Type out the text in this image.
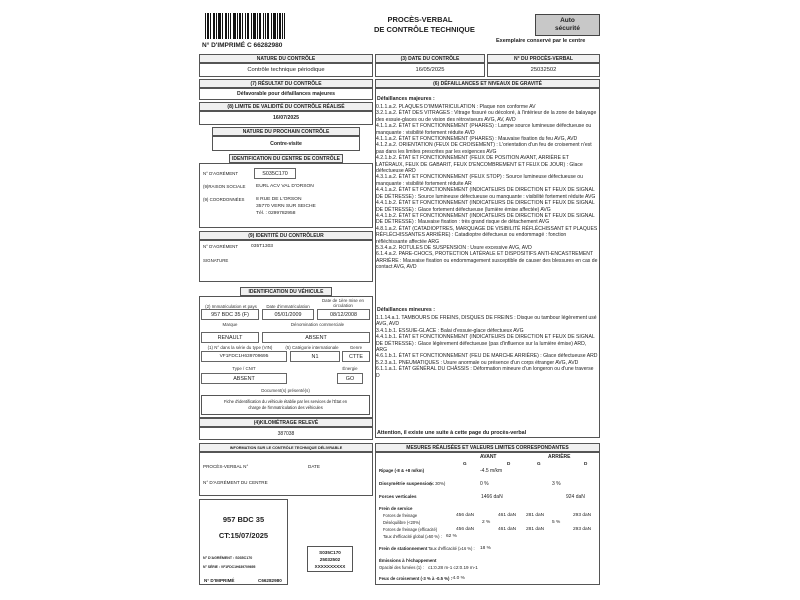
N° D'IMPRIMÉ C 66282980
PROCÈS-VERBAL
DE CONTRÔLE TECHNIQUE
Auto
sécurité
Exemplaire conservé par le centre
NATURE DU CONTRÔLE
Contrôle technique périodique
(3) DATE DU CONTRÔLE
16/05/2025
N° DU PROCÈS-VERBAL
25032502
(7) RÉSULTAT DU CONTRÔLE
Défavorable pour défaillances majeures
(8) LIMITE DE VALIDITÉ DU CONTRÔLE RÉALISÉ
16/07/2025
NATURE DU PROCHAIN CONTRÔLE
Contre-visite
IDENTIFICATION DU CENTRE DE CONTRÔLE
N° D'AGRÉMENT	S035C170
(9)RAISON SOCIALE EURL ACV VAL D'ORSON
(9) COORDONNÉES 8 RUE DE L'ORSON
35770 VERN SUR SEICHE
Tél. : 0299782958
(9) IDENTITÉ DU CONTRÔLEUR
N° D'AGRÉMENT	035T1303
SIGNATURE
IDENTIFICATION DU VÉHICULE
(2) Immatriculation et pays	Date d'immatriculation
Date de 1ère mise en circulation
957 BDC 35 (F)	05/01/2009	08/12/2008
Marque	Dénomination commerciale
RENAULT	ABSENT
(1) N° dans la série du type (VIN)	(5) Catégorie internationale	Genre
VF1FDC1H639709695	N1	CTTE
Type / CNIT	Énergie
ABSENT	GO
Document(s) présenté(s)
Fiche d'identification du véhicule établie par les services de l'État en
charge de l'immatriculation des véhicules
(4)KILOMÉTRAGE RELEVÉ
387038
INFORMATION SUR LE CONTRÔLE TECHNIQUE DÉLIVRABLE
PROCÈS-VERBAL N°	DATE
N° D'AGRÉMENT DU CENTRE
957 BDC 35
CT:15/07/2025
N° D'AGRÉMENT : S035C170
N° SÉRIE : VF1FDC1H639709695
N° D'IMPRIMÉ	C66282980
S035C170
25032502
XXXXXXXXXX
(6) DÉFAILLANCES ET NIVEAUX DE GRAVITÉ
Défaillances majeures :
0.1.1.a.2. PLAQUES D'IMMATRICULATION : Plaque non conforme AV
3.2.1.a.2. ÉTAT DES VITRAGES : Vitrage fissuré ou décoloré, à l'intérieur de la zone de balayage des essuie-glaces ou de vision des rétroviseurs AVG, AV, AVD
4.1.1.a.2. ÉTAT ET FONCTIONNEMENT (PHARES) : Lampe source lumineuse défectueuse ou manquante : visibilité fortement réduite AVD
4.1.1.a.2. ÉTAT ET FONCTIONNEMENT (PHARES) : Mauvaise fixation du feu AVG, AVD
4.1.2.a.2. ORIENTATION (FEUX DE CROISEMENT) : L'orientation d'un feu de croisement n'est pas dans les limites prescrites par les exigences AVG
4.2.1.b.2. ÉTAT ET FONCTIONNEMENT (FEUX DE POSITION AVANT, ARRIÈRE ET LATÉRAUX, FEUX DE GABARIT, FEUX D'ENCOMBREMENT ET FEUX DE JOUR) : Glace défectueuse ARD
4.3.1.a.2. ÉTAT ET FONCTIONNEMENT (FEUX STOP) : Source lumineuse défectueuse ou manquante : visibilité fortement réduite AR
4.4.1.a.2. ÉTAT ET FONCTIONNEMENT (INDICATEURS DE DIRECTION ET FEUX DE SIGNAL DE DÉTRESSE) : Source lumineuse défectueuse ou manquante : visibilité fortement réduite AVG
4.4.1.b.2. ÉTAT ET FONCTIONNEMENT (INDICATEURS DE DIRECTION ET FEUX DE SIGNAL DE DÉTRESSE) : Glace fortement défectueuse (lumière émise affectée) AVG
4.4.1.b.2. ÉTAT ET FONCTIONNEMENT (INDICATEURS DE DIRECTION ET FEUX DE SIGNAL DE DÉTRESSE) : Mauvaise fixation : très grand risque de détachement AVG
4.8.1.a.2. ÉTAT (CATADIOPTRES, MARQUAGE DE VISIBILITÉ RÉFLÉCHISSANT ET PLAQUES RÉFLÉCHISSANTES ARRIÈRE) : Catadioptre défectueux ou endommagé : fonction réfléchissante affectée ARG
5.3.4.a.2. ROTULES DE SUSPENSION : Usure excessive AVG, AVD
6.1.4.a.2. PARE-CHOCS, PROTECTION LATÉRALE ET DISPOSITIFS ANTI-ENCASTREMENT ARRIÈRE : Mauvaise fixation ou endommagement susceptible de causer des blessures en cas de contact AVG, AVD
Défaillances mineures :
1.1.14.a.1. TAMBOURS DE FREINS, DISQUES DE FREINS : Disque ou tambour légèrement usé AVG, AVD
3.4.1.b.1. ESSUIE-GLACE : Balai d'essuie-glace défectueux AVG
4.4.1.b.1. ÉTAT ET FONCTIONNEMENT (INDICATEURS DE DIRECTION ET FEUX DE SIGNAL DE DÉTRESSE) : Glace légèrement défectueuse (pas d'influence sur la lumière émise) ARD, ARG
4.6.1.b.1. ÉTAT ET FONCTIONNEMENT (FEU DE MARCHE ARRIÈRE) : Glace défectueuse ARD
5.2.3.a.1. PNEUMATIQUES : Usure anormale ou présence d'un corps étranger AVG, AVD
6.1.1.a.1. ÉTAT GÉNÉRAL DU CHÂSSIS : Déformation mineure d'un longeron ou d'une traverse D
Attention, il existe une suite à cette page du procès-verbal
MESURES RÉALISÉES ET VALEURS LIMITES CORRESPONDANTES
AVANT	ARRIÈRE
G	D	G	D
Ripage (-8 & +8 m/km)	-4.5 m/km
Dissymétrie suspension
(≤ 30%)	0 %	3 %
Forces verticales	1466 daN	924 daN
Frein de service
Forces de freinage	456 daN	461 daN 281 daN	293 daN
Déséquilibre (<20%)	2 %	5 %
Forces de freinage (efficacité)	456 daN	461 daN 281 daN	293 daN
Taux d'efficacité global (≥50 %) : 62 %
Frein de stationnement Taux d'efficacité (≥16 %) : 18 %
Émissions à l'échappement
Opacité des fumées (1) : c1:0.28 m-1 c2:0.19 m-1
Feux de croisement (-3 % à -0.5 %) :
-4.0 %
